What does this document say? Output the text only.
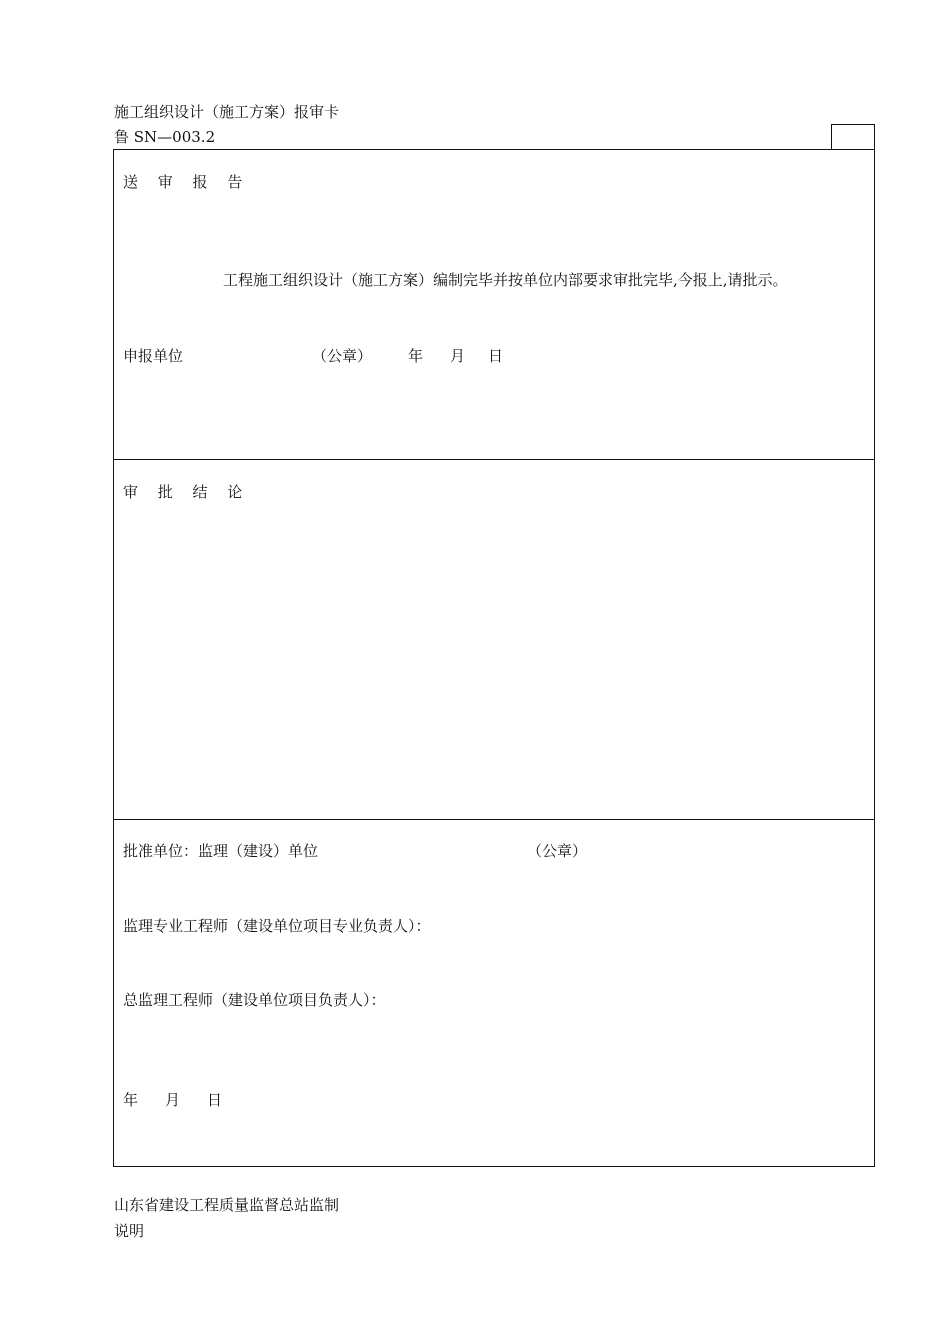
施工组织设计（施工方案）报审卡
鲁 SN—003.2
送 审 报 告
工程施工组织设计（施工方案）编制完毕并按单位内部要求审批完毕,今报上,请批示。
申报单位	（公章） 年 月 日
审 批 结 论
批准单位：监理（建设）单位	（公章）
监理专业工程师（建设单位项目专业负责人）：
总监理工程师（建设单位项目负责人）：
年 月 日
山东省建设工程质量监督总站监制
说明
